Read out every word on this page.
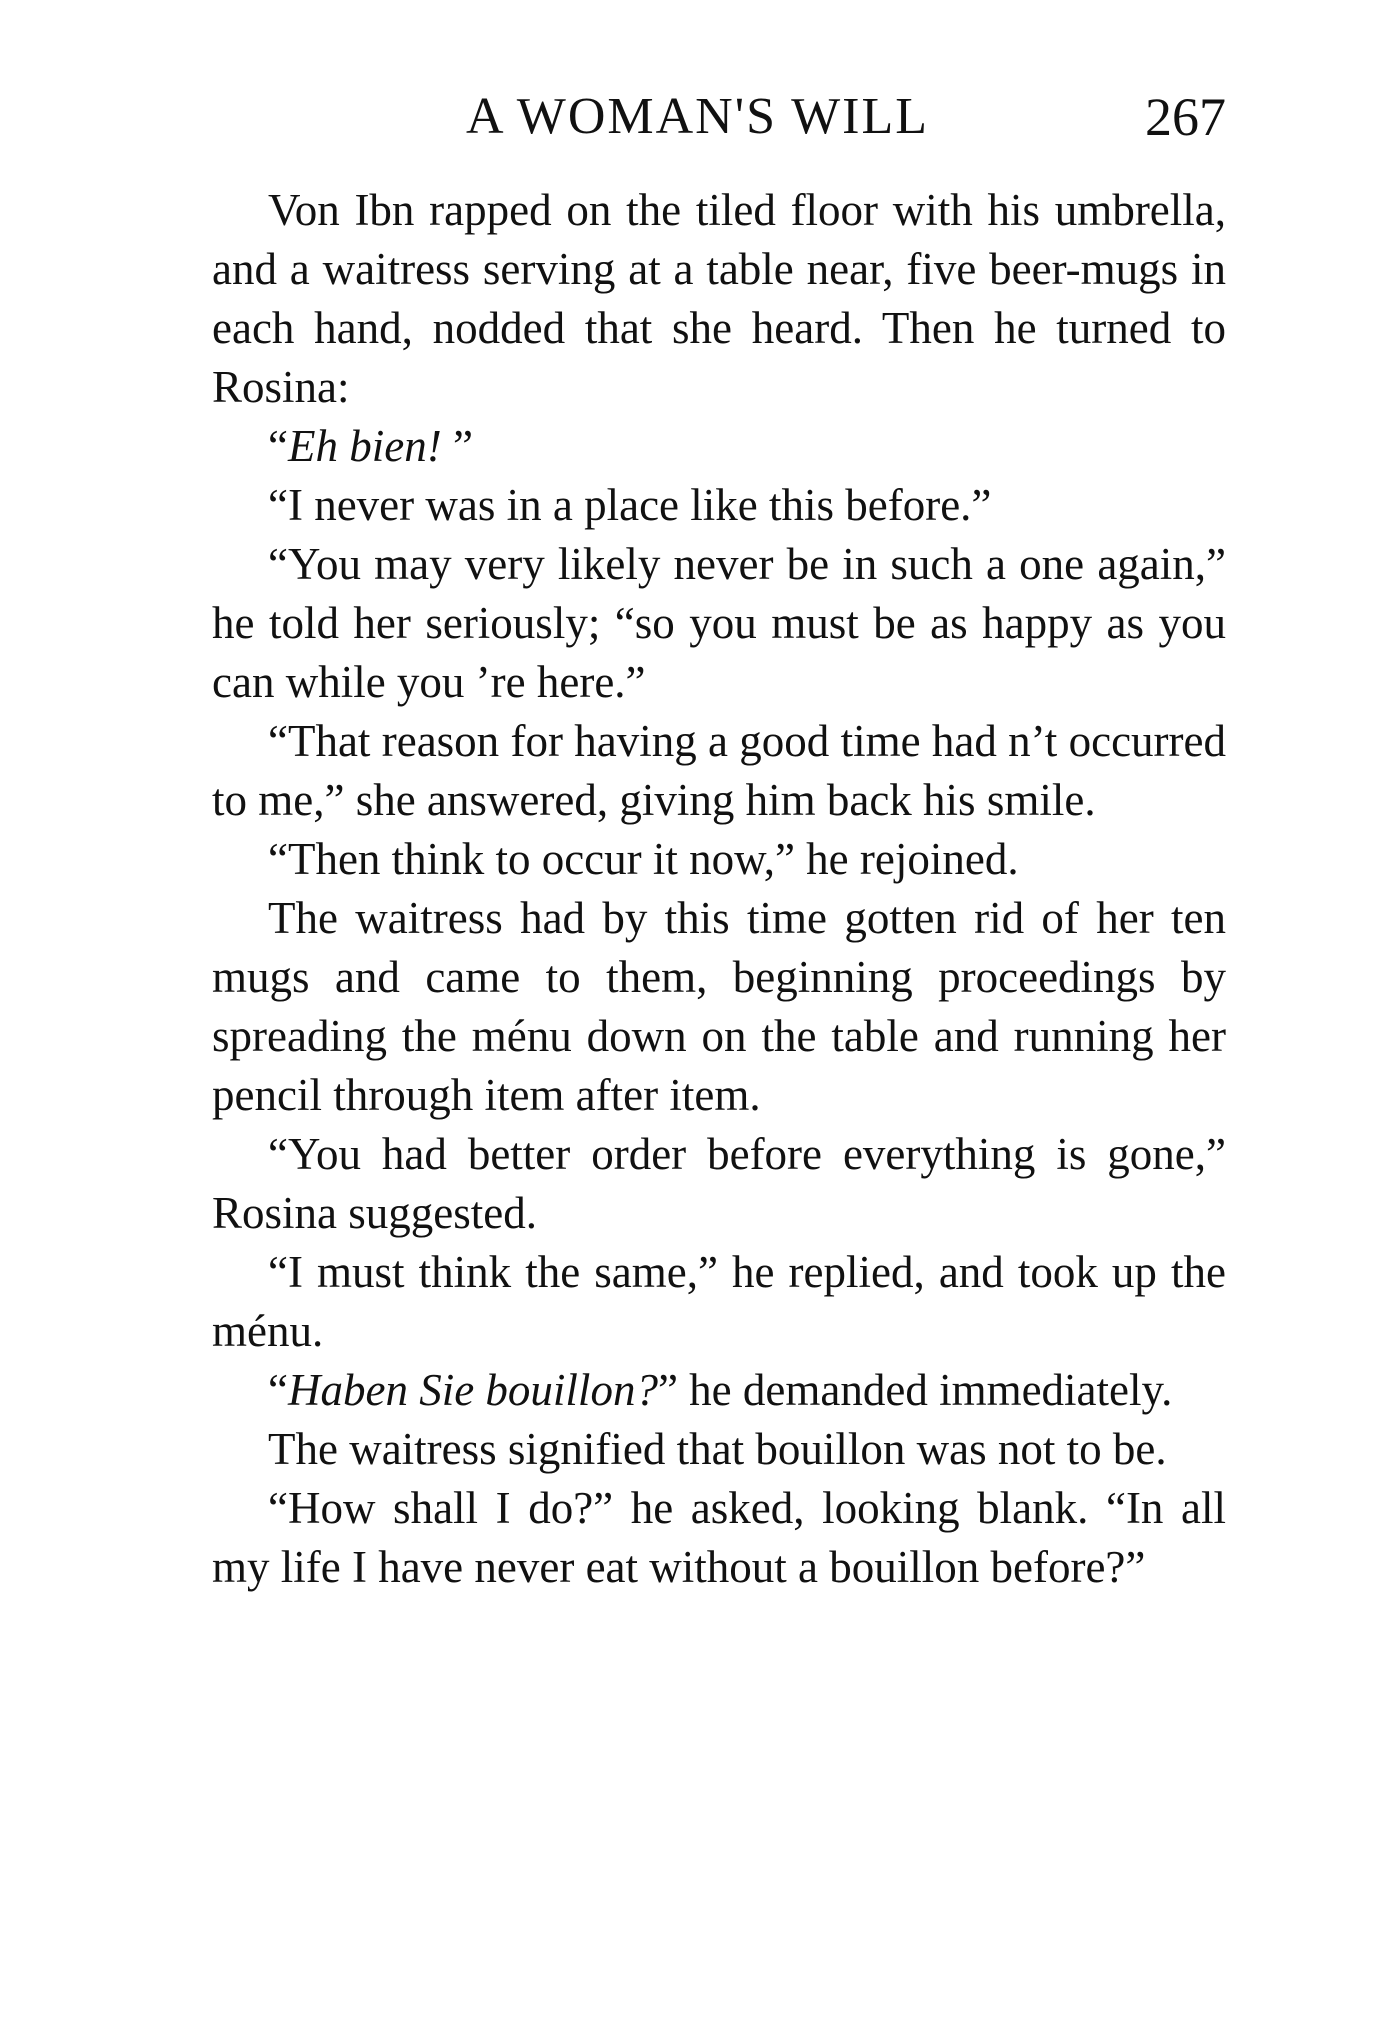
A WOMAN'S WILL	267

Von Ibn rapped on the tiled floor with his umbrella, and a waitress serving at a table near, five beer-mugs in each hand, nodded that she heard. Then he turned to Rosina:

“Eh bien! ”

“I never was in a place like this before.”

“You may very likely never be in such a one again,” he told her seriously; “so you must be as happy as you can while you ’re here.”

“That reason for having a good time had n’t occurred to me,” she answered, giving him back his smile.

“Then think to occur it now,” he rejoined.

The waitress had by this time gotten rid of her ten mugs and came to them, beginning proceedings by spreading the ménu down on the table and running her pencil through item after item.

“You had better order before everything is gone,” Rosina suggested.

“I must think the same,” he replied, and took up the ménu.

“Haben Sie bouillon?” he demanded immediately.

The waitress signified that bouillon was not to be.

“How shall I do?” he asked, looking blank. “In all my life I have never eat without a bouillon before?”
